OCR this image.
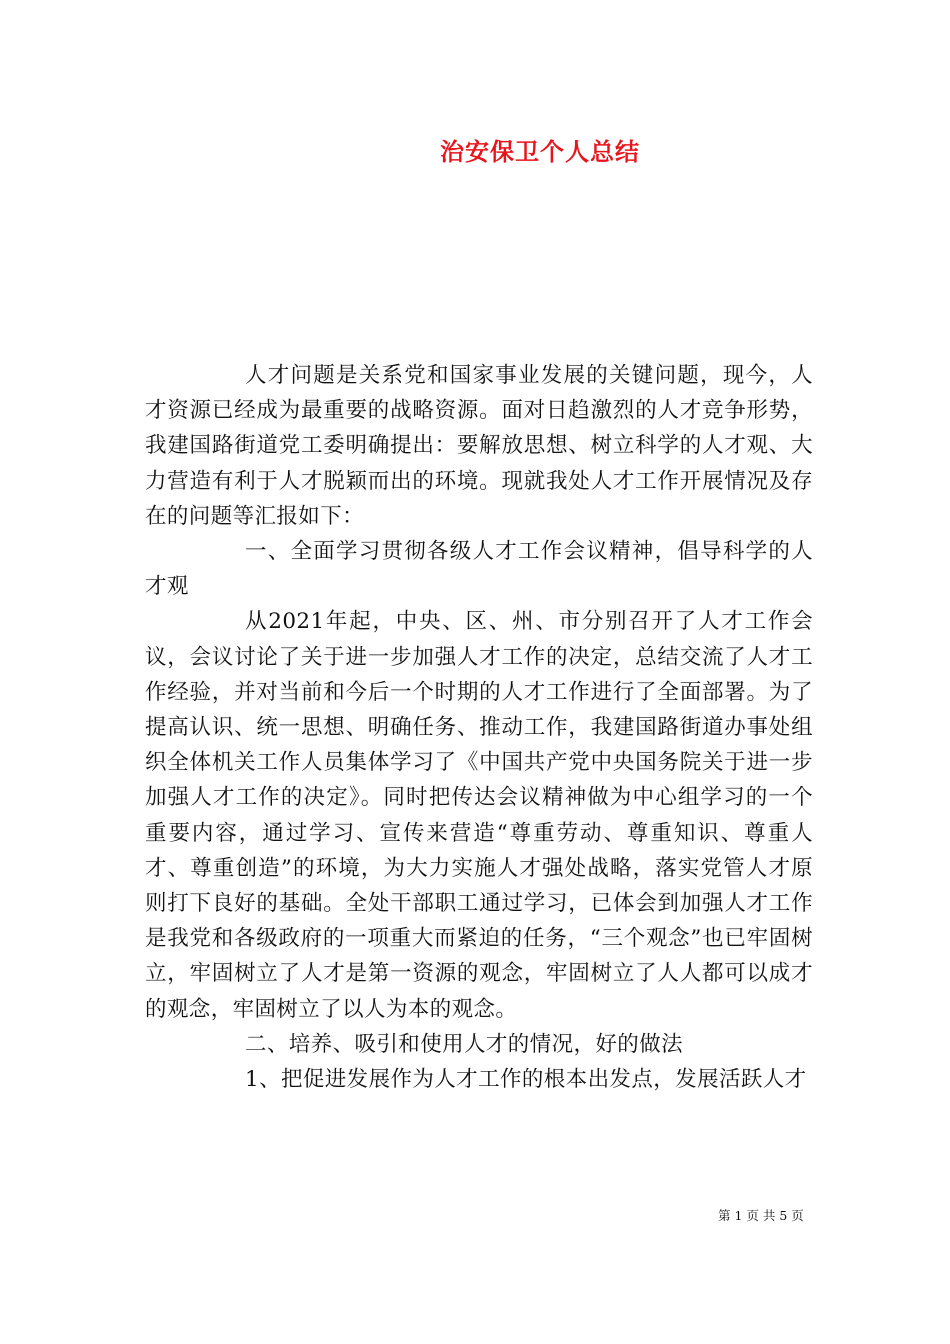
治安保卫个人总结

人才问题是关系党和国家事业发展的关键问题，现今，人才资源已经成为最重要的战略资源。面对日趋激烈的人才竞争形势，我建国路街道党工委明确提出：要解放思想、树立科学的人才观、大力营造有利于人才脱颖而出的环境。现就我处人才工作开展情况及存在的问题等汇报如下：

一、全面学习贯彻各级人才工作会议精神，倡导科学的人才观

从2021年起，中央、区、州、市分别召开了人才工作会议，会议讨论了关于进一步加强人才工作的决定，总结交流了人才工作经验，并对当前和今后一个时期的人才工作进行了全面部署。为了提高认识、统一思想、明确任务、推动工作，我建国路街道办事处组织全体机关工作人员集体学习了《中国共产党中央国务院关于进一步加强人才工作的决定》。同时把传达会议精神做为中心组学习的一个重要内容，通过学习、宣传来营造“尊重劳动、尊重知识、尊重人才、尊重创造”的环境，为大力实施人才强处战略，落实党管人才原则打下良好的基础。全处干部职工通过学习，已体会到加强人才工作是我党和各级政府的一项重大而紧迫的任务，“三个观念”也已牢固树立，牢固树立了人才是第一资源的观念，牢固树立了人人都可以成才的观念，牢固树立了以人为本的观念。

二、培养、吸引和使用人才的情况，好的做法

1、把促进发展作为人才工作的根本出发点，发展活跃人才

第 1 页 共 5 页
